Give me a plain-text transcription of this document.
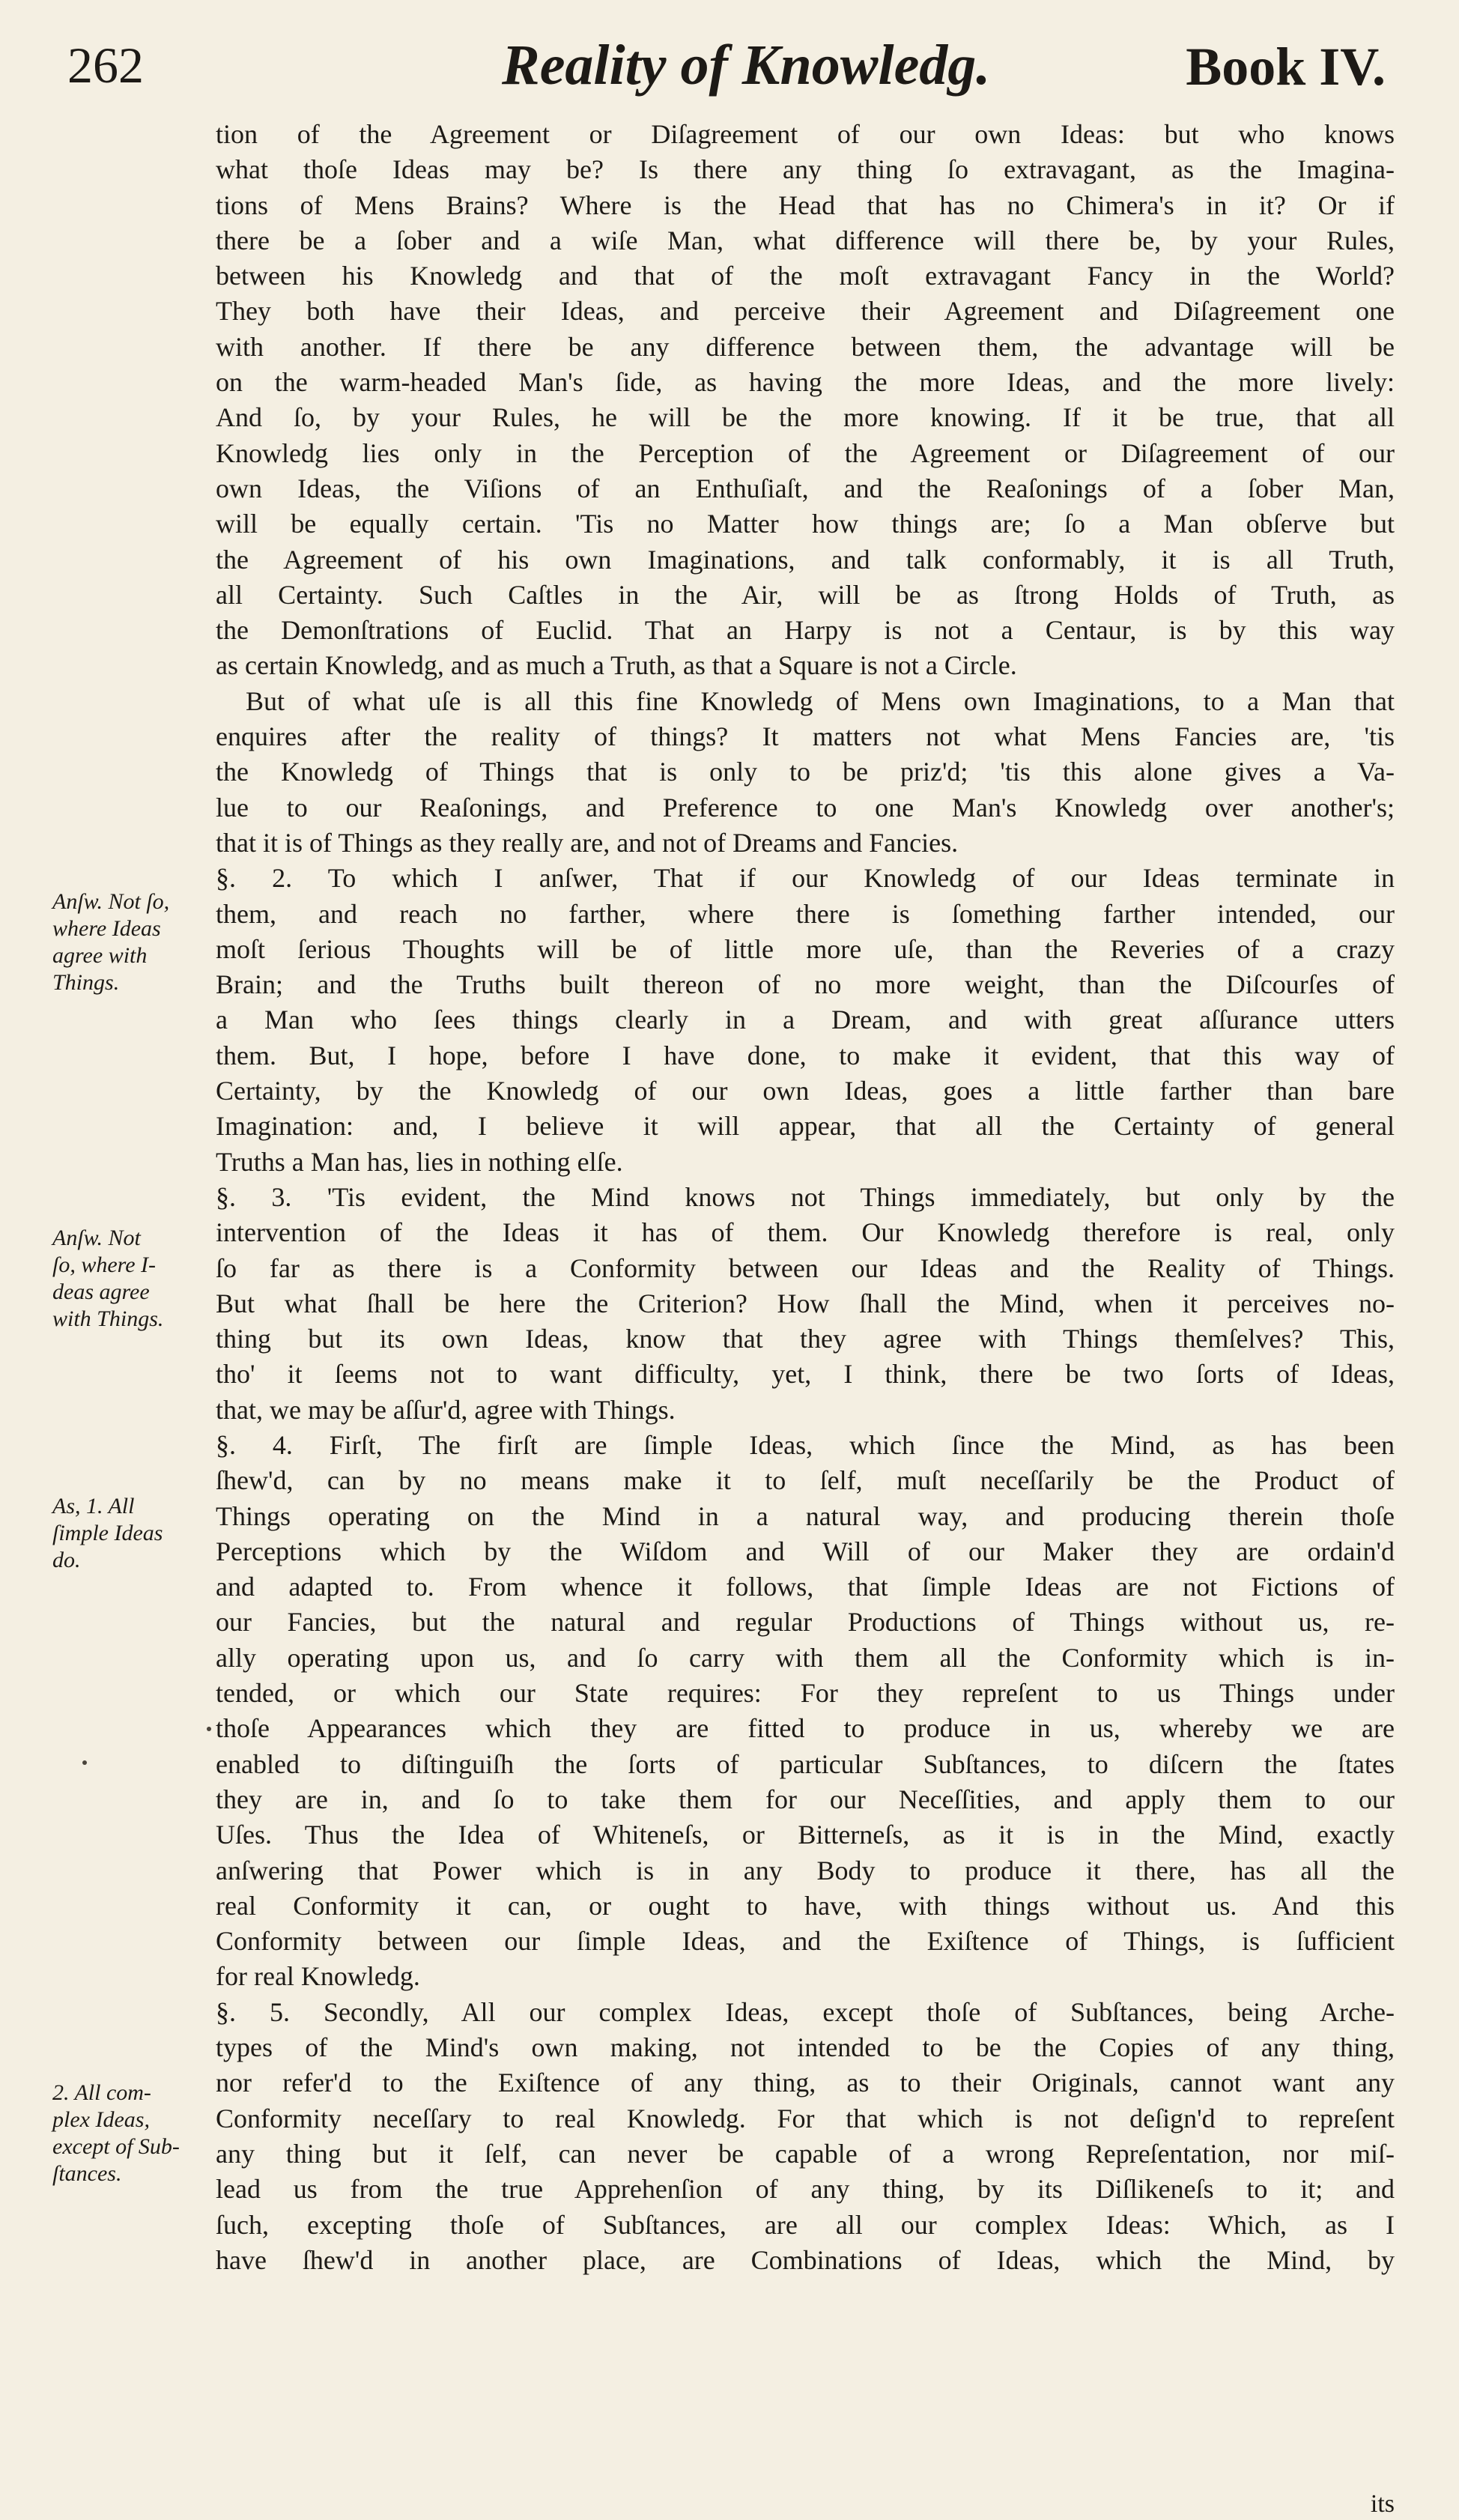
262	Reality of Knowledg.	Book IV.
tion of the Agreement or Diſagreement of our own Ideas: but who knows
what thoſe Ideas may be? Is there any thing ſo extravagant, as the Imagina-
tions of Mens Brains? Where is the Head that has no Chimera's in it? Or if
there be a ſober and a wiſe Man, what difference will there be, by your Rules,
between his Knowledg and that of the moſt extravagant Fancy in the World?
They both have their Ideas, and perceive their Agreement and Diſagreement one
with another. If there be any difference between them, the advantage will be
on the warm-headed Man's ſide, as having the more Ideas, and the more lively:
And ſo, by your Rules, he will be the more knowing. If it be true, that all
Knowledg lies only in the Perception of the Agreement or Diſagreement of our
own Ideas, the Viſions of an Enthuſiaſt, and the Reaſonings of a ſober Man,
will be equally certain. 'Tis no Matter how things are; ſo a Man obſerve but
the Agreement of his own Imaginations, and talk conformably, it is all Truth,
all Certainty. Such Caſtles in the Air, will be as ſtrong Holds of Truth, as
the Demonſtrations of Euclid. That an Harpy is not a Centaur, is by this way
as certain Knowledg, and as much a Truth, as that a Square is not a Circle.
But of what uſe is all this fine Knowledg of Mens own Imaginations, to a Man that
enquires after the reality of things? It matters not what Mens Fancies are, 'tis
the Knowledg of Things that is only to be priz'd; 'tis this alone gives a Va-
lue to our Reaſonings, and Preference to one Man's Knowledg over another's;
that it is of Things as they really are, and not of Dreams and Fancies.
§. 2. To which I anſwer, That if our Knowledg of our Ideas terminate in
them, and reach no farther, where there is ſomething farther intended, our
moſt ſerious Thoughts will be of little more uſe, than the Reveries of a crazy
Brain; and the Truths built thereon of no more weight, than the Diſcourſes of
a Man who ſees things clearly in a Dream, and with great aſſurance utters
them. But, I hope, before I have done, to make it evident, that this way of
Certainty, by the Knowledg of our own Ideas, goes a little farther than bare
Imagination: and, I believe it will appear, that all the Certainty of general
Truths a Man has, lies in nothing elſe.
§. 3. 'Tis evident, the Mind knows not Things immediately, but only by the
intervention of the Ideas it has of them. Our Knowledg therefore is real, only
ſo far as there is a Conformity between our Ideas and the Reality of Things.
But what ſhall be here the Criterion? How ſhall the Mind, when it perceives no-
thing but its own Ideas, know that they agree with Things themſelves? This,
tho' it ſeems not to want difficulty, yet, I think, there be two ſorts of Ideas,
that, we may be aſſur'd, agree with Things.
§. 4. Firſt, The firſt are ſimple Ideas, which ſince the Mind, as has been
ſhew'd, can by no means make it to ſelf, muſt neceſſarily be the Product of
Things operating on the Mind in a natural way, and producing therein thoſe
Perceptions which by the Wiſdom and Will of our Maker they are ordain'd
and adapted to. From whence it follows, that ſimple Ideas are not Fictions of
our Fancies, but the natural and regular Productions of Things without us, re-
ally operating upon us, and ſo carry with them all the Conformity which is in-
tended, or which our State requires: For they repreſent to us Things under
thoſe Appearances which they are fitted to produce in us, whereby we are
enabled to diſtinguiſh the ſorts of particular Subſtances, to diſcern the ſtates
they are in, and ſo to take them for our Neceſſities, and apply them to our
Uſes. Thus the Idea of Whiteneſs, or Bitterneſs, as it is in the Mind, exactly
anſwering that Power which is in any Body to produce it there, has all the
real Conformity it can, or ought to have, with things without us. And this
Conformity between our ſimple Ideas, and the Exiſtence of Things, is ſufficient
for real Knowledg.
§. 5. Secondly, All our complex Ideas, except thoſe of Subſtances, being Arche-
types of the Mind's own making, not intended to be the Copies of any thing,
nor refer'd to the Exiſtence of any thing, as to their Originals, cannot want any
Conformity neceſſary to real Knowledg. For that which is not deſign'd to repreſent
any thing but it ſelf, can never be capable of a wrong Repreſentation, nor miſ-
lead us from the true Apprehenſion of any thing, by its Diſlikeneſs to it; and
ſuch, excepting thoſe of Subſtances, are all our complex Ideas: Which, as I
have ſhew'd in another place, are Combinations of Ideas, which the Mind, by
Anſw. Not ſo,
where Ideas
agree with
Things.
Anſw. Not
ſo, where I-
deas agree
with Things.
As, 1. All
ſimple Ideas
do.
2. All com-
plex Ideas,
except of Sub-
ſtances.
its
